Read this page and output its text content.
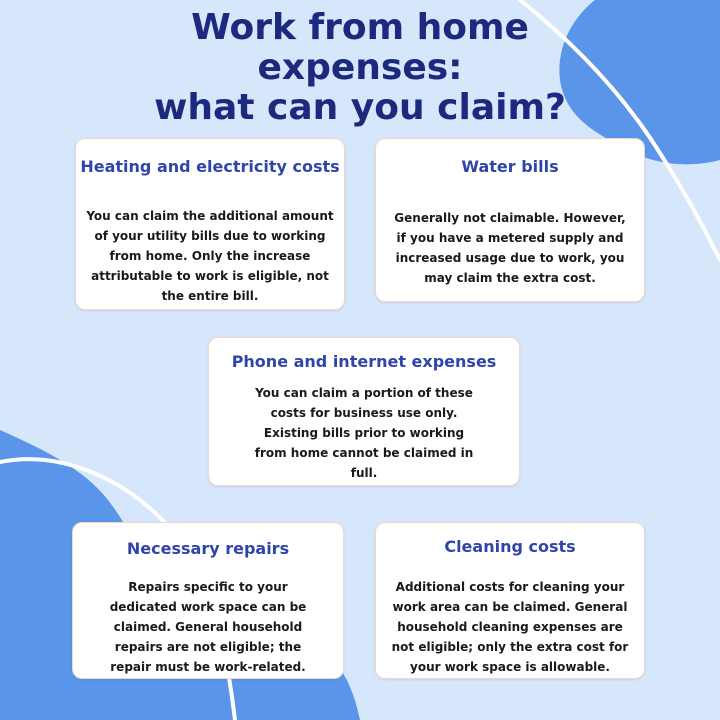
Work from home
expenses:
what can you claim?
Heating and electricity costs

You can claim the additional amount of your utility bills due to working from home. Only the increase attributable to work is eligible, not the entire bill.

Water bills

Generally not claimable. However, if you have a metered supply and increased usage due to work, you may claim the extra cost.

Phone and internet expenses

You can claim a portion of these costs for business use only. Existing bills prior to working from home cannot be claimed in full.

Necessary repairs

Repairs specific to your dedicated work space can be claimed. General household repairs are not eligible; the repair must be work-related.

Cleaning costs

Additional costs for cleaning your work area can be claimed. General household cleaning expenses are not eligible; only the extra cost for your work space is allowable.
